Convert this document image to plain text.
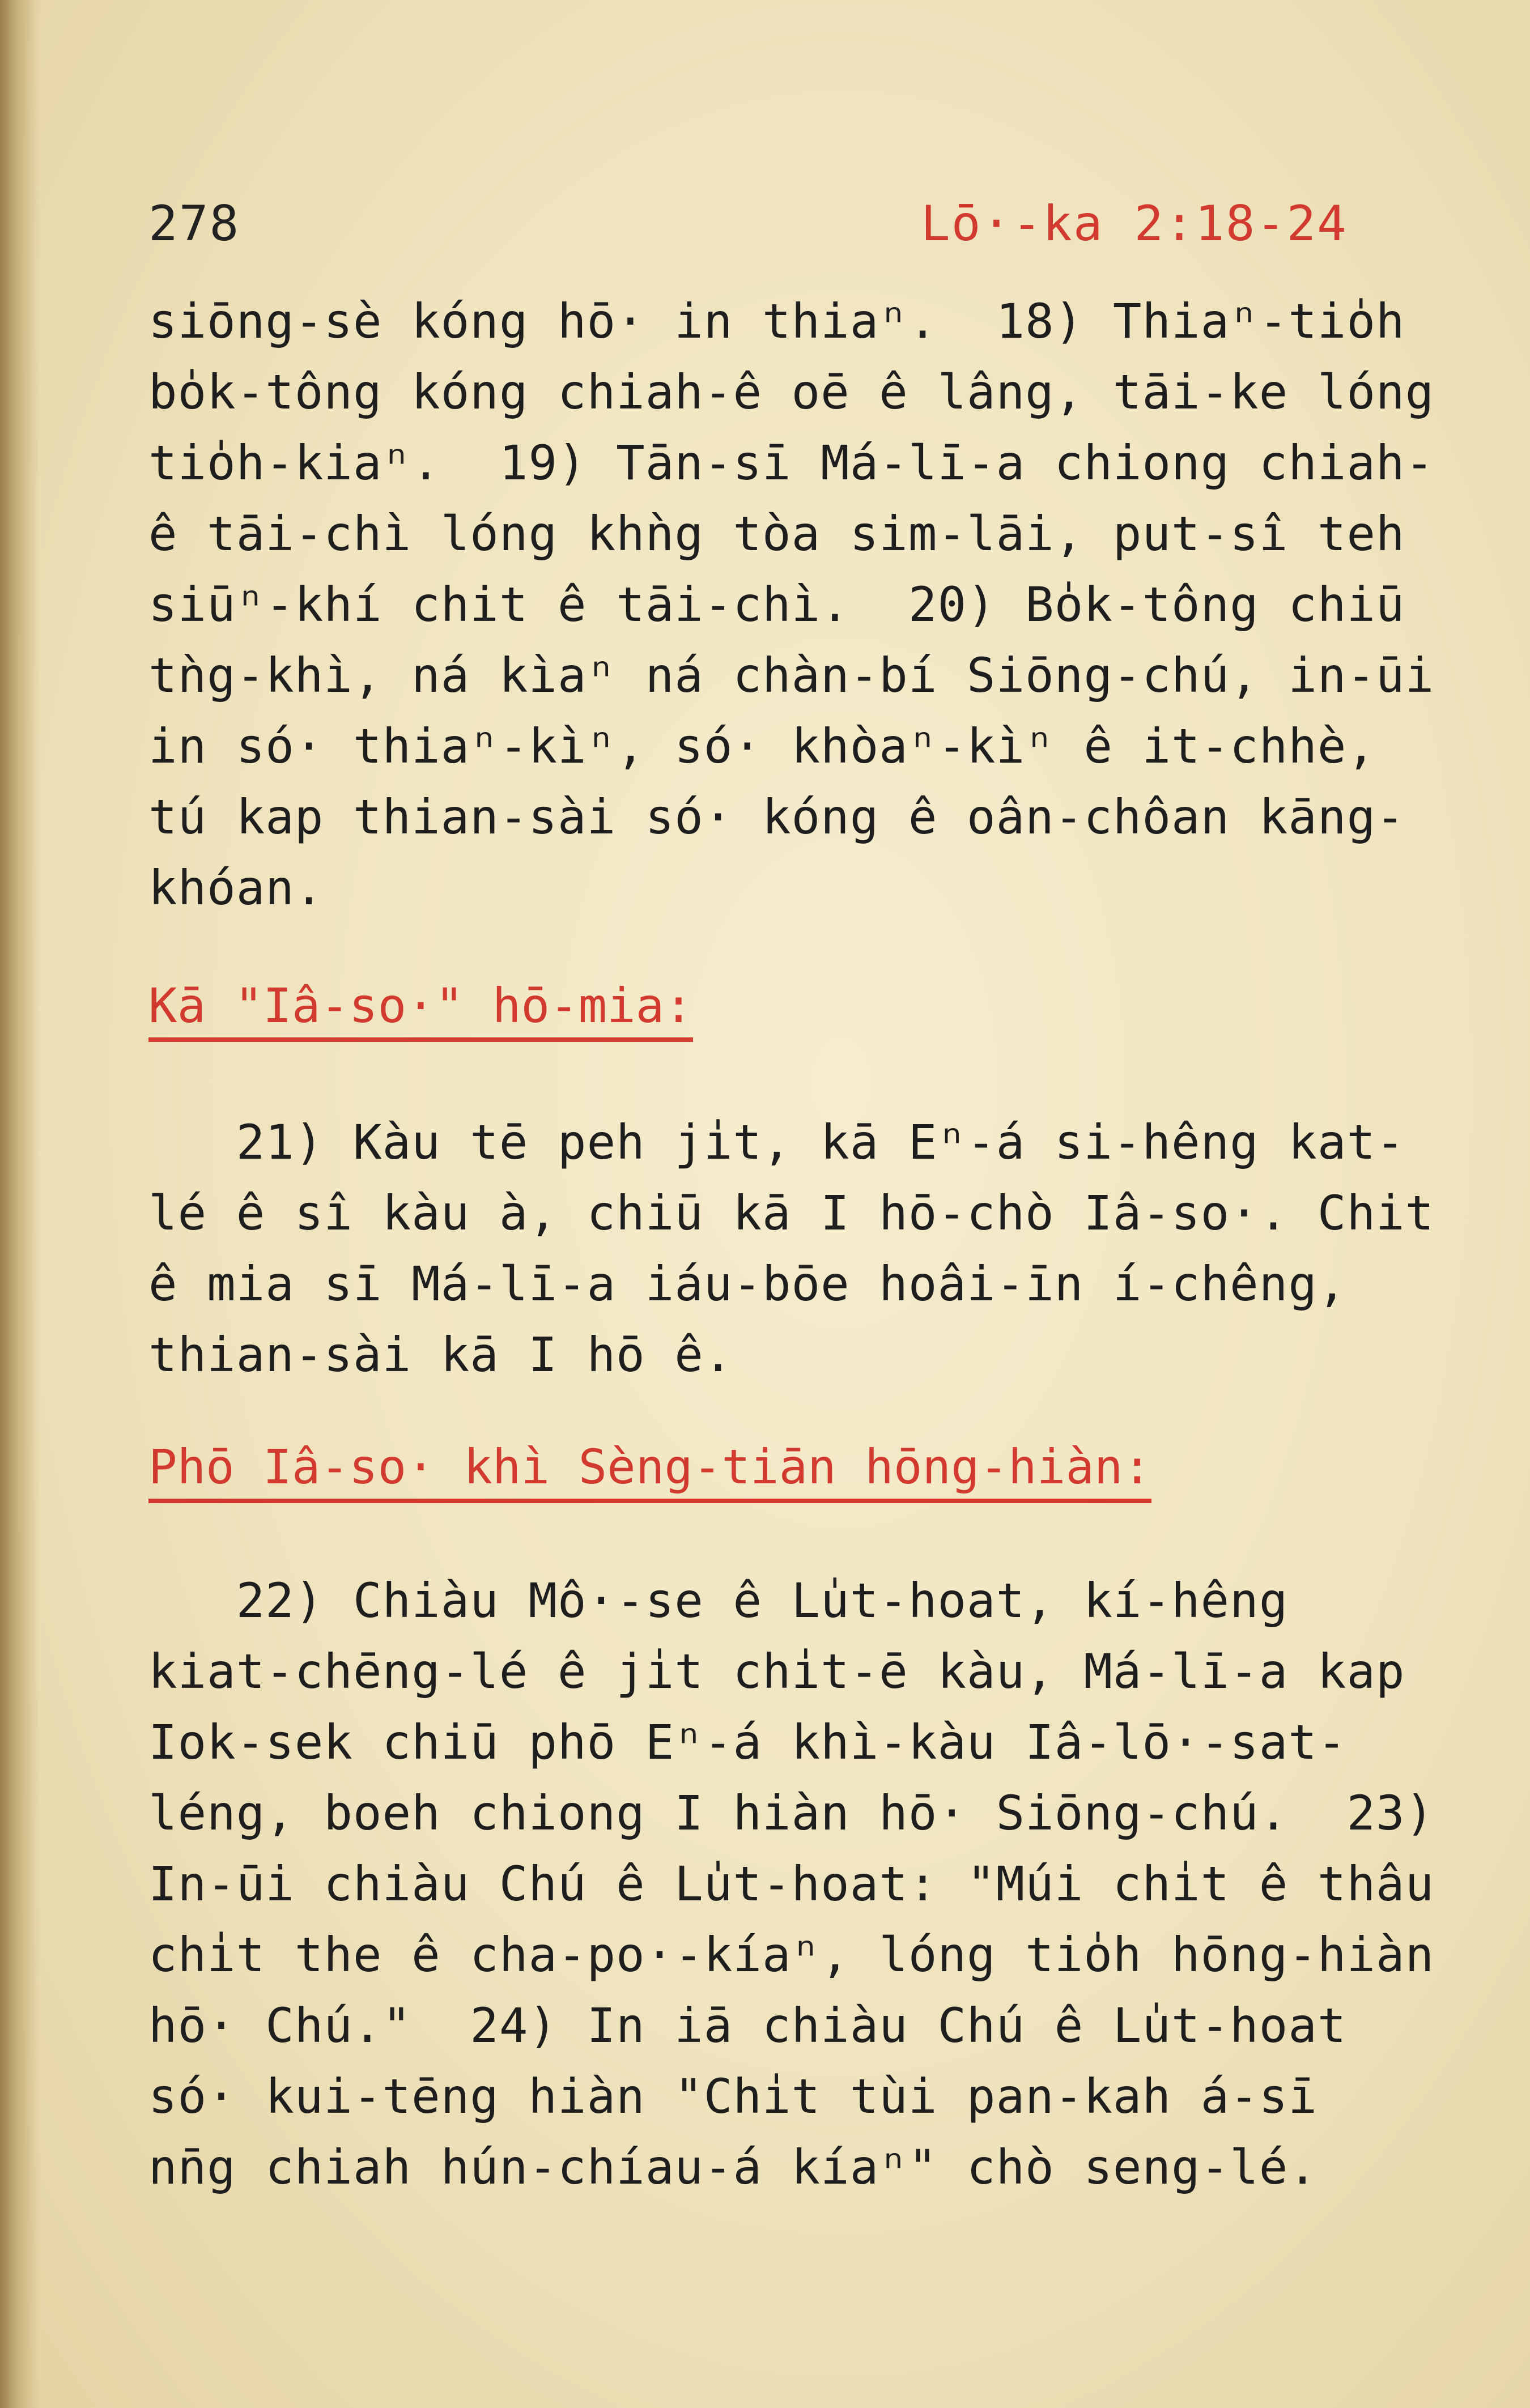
278	Lō·-ka 2:18-24
siōng-sè kóng hō· in thiaⁿ.  18) Thiaⁿ-tio̍h
bo̍k-tông kóng chiah-ê oē ê lâng, tāi-ke lóng
tio̍h-kiaⁿ.  19) Tān-sī Má-lī-a chiong chiah-
ê tāi-chì lóng khǹg tòa sim-lāi, put-sî teh
siūⁿ-khí chit ê tāi-chì.  20) Bo̍k-tông chiū
tǹg-khì, ná kìaⁿ ná chàn-bí Siōng-chú, in-ūi
in só· thiaⁿ-kìⁿ, só· khòaⁿ-kìⁿ ê it-chhè,
tú kap thian-sài só· kóng ê oân-chôan kāng-
khóan.
Kā "Iâ-so·" hō-mia:
21) Kàu tē peh ji̍t, kā Eⁿ-á si-hêng kat-
lé ê sî kàu à, chiū kā I hō-chò Iâ-so·. Chit
ê mia sī Má-lī-a iáu-bōe hoâi-īn í-chêng,
thian-sài kā I hō ê.
Phō Iâ-so· khì Sèng-tiān hōng-hiàn:
22) Chiàu Mô·-se ê Lu̍t-hoat, kí-hêng
kiat-chēng-lé ê ji̍t chi̍t-ē kàu, Má-lī-a kap
Iok-sek chiū phō Eⁿ-á khì-kàu Iâ-lō·-sat-
léng, boeh chiong I hiàn hō· Siōng-chú.  23)
In-ūi chiàu Chú ê Lu̍t-hoat: "Múi chi̍t ê thâu
chi̍t the ê cha-po·-kíaⁿ, lóng tio̍h hōng-hiàn
hō· Chú."  24) In iā chiàu Chú ê Lu̍t-hoat
só· kui-tēng hiàn "Chi̍t tùi pan-kah á-sī
nn̄g chiah hún-chíau-á kíaⁿ" chò seng-lé.
